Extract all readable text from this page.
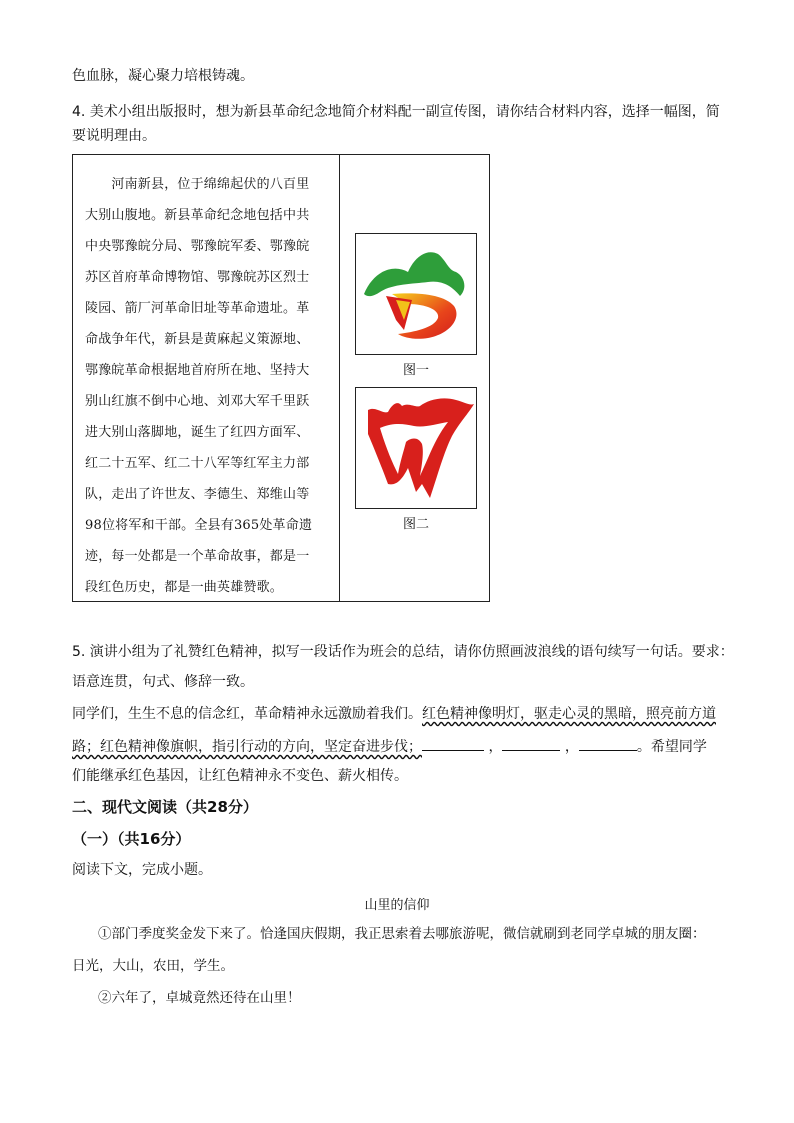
色血脉，凝心聚力培根铸魂。
4. 美术小组出版报时，想为新县革命纪念地简介材料配一副宣传图，请你结合材料内容，选择一幅图，简
要说明理由。
　　河南新县，位于绵绵起伏的八百里
大别山腹地。新县革命纪念地包括中共
中央鄂豫皖分局、鄂豫皖军委、鄂豫皖
苏区首府革命博物馆、鄂豫皖苏区烈士
陵园、箭厂河革命旧址等革命遗址。革
命战争年代，新县是黄麻起义策源地、
鄂豫皖革命根据地首府所在地、坚持大
别山红旗不倒中心地、刘邓大军千里跃
进大别山落脚地，诞生了红四方面军、
红二十五军、红二十八军等红军主力部
队，走出了许世友、李德生、郑维山等
98位将军和干部。全县有365处革命遗
迹，每一处都是一个革命故事，都是一
段红色历史，都是一曲英雄赞歌。
图一
图二
5. 演讲小组为了礼赞红色精神，拟写一段话作为班会的总结，请你仿照画波浪线的语句续写一句话。要求：
语意连贯，句式、修辞一致。
同学们，生生不息的信念红，革命精神永远激励着我们。红色精神像明灯，驱走心灵的黑暗，照亮前方道
路；红色精神像旗帜，指引行动的方向，坚定奋进步伐；	，	，	。希望同学
们能继承红色基因，让红色精神永不变色、薪火相传。
二、现代文阅读（共28分）
（一）（共16分）
阅读下文，完成小题。
山里的信仰
①部门季度奖金发下来了。恰逢国庆假期，我正思索着去哪旅游呢，微信就刷到老同学卓城的朋友圈：
日光，大山，农田，学生。
②六年了，卓城竟然还待在山里！
